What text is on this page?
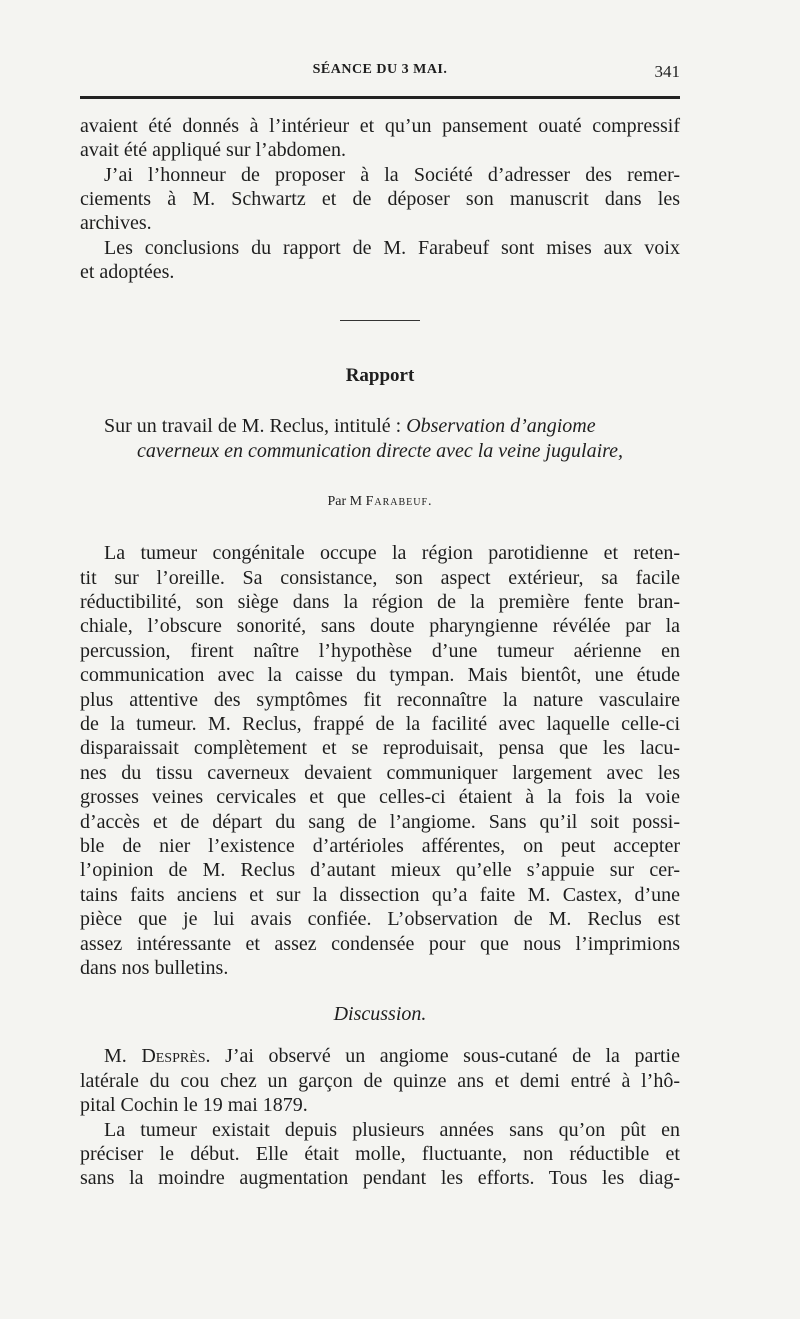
SÉANCE DU 3 MAI.	341
avaient été donnés à l’intérieur et qu’un pansement ouaté compressif
avait été appliqué sur l’abdomen.
J’ai l’honneur de proposer à la Société d’adresser des remer-
ciements à M. Schwartz et de déposer son manuscrit dans les
archives.
Les conclusions du rapport de M. Farabeuf sont mises aux voix
et adoptées.
Rapport
Sur un travail de M. Reclus, intitulé : Observation d’angiome
caverneux en communication directe avec la veine jugulaire,
Par M Farabeuf.
La tumeur congénitale occupe la région parotidienne et reten-
tit sur l’oreille. Sa consistance, son aspect extérieur, sa facile
réductibilité, son siège dans la région de la première fente bran-
chiale, l’obscure sonorité, sans doute pharyngienne révélée par la
percussion, firent naître l’hypothèse d’une tumeur aérienne en
communication avec la caisse du tympan. Mais bientôt, une étude
plus attentive des symptômes fit reconnaître la nature vasculaire
de la tumeur. M. Reclus, frappé de la facilité avec laquelle celle-ci
disparaissait complètement et se reproduisait, pensa que les lacu-
nes du tissu caverneux devaient communiquer largement avec les
grosses veines cervicales et que celles-ci étaient à la fois la voie
d’accès et de départ du sang de l’angiome. Sans qu’il soit possi-
ble de nier l’existence d’artérioles afférentes, on peut accepter
l’opinion de M. Reclus d’autant mieux qu’elle s’appuie sur cer-
tains faits anciens et sur la dissection qu’a faite M. Castex, d’une
pièce que je lui avais confiée. L’observation de M. Reclus est
assez intéressante et assez condensée pour que nous l’imprimions
dans nos bulletins.
Discussion.
M. Desprès. J’ai observé un angiome sous-cutané de la partie
latérale du cou chez un garçon de quinze ans et demi entré à l’hô-
pital Cochin le 19 mai 1879.
La tumeur existait depuis plusieurs années sans qu’on pût en
préciser le début. Elle était molle, fluctuante, non réductible et
sans la moindre augmentation pendant les efforts. Tous les diag-
